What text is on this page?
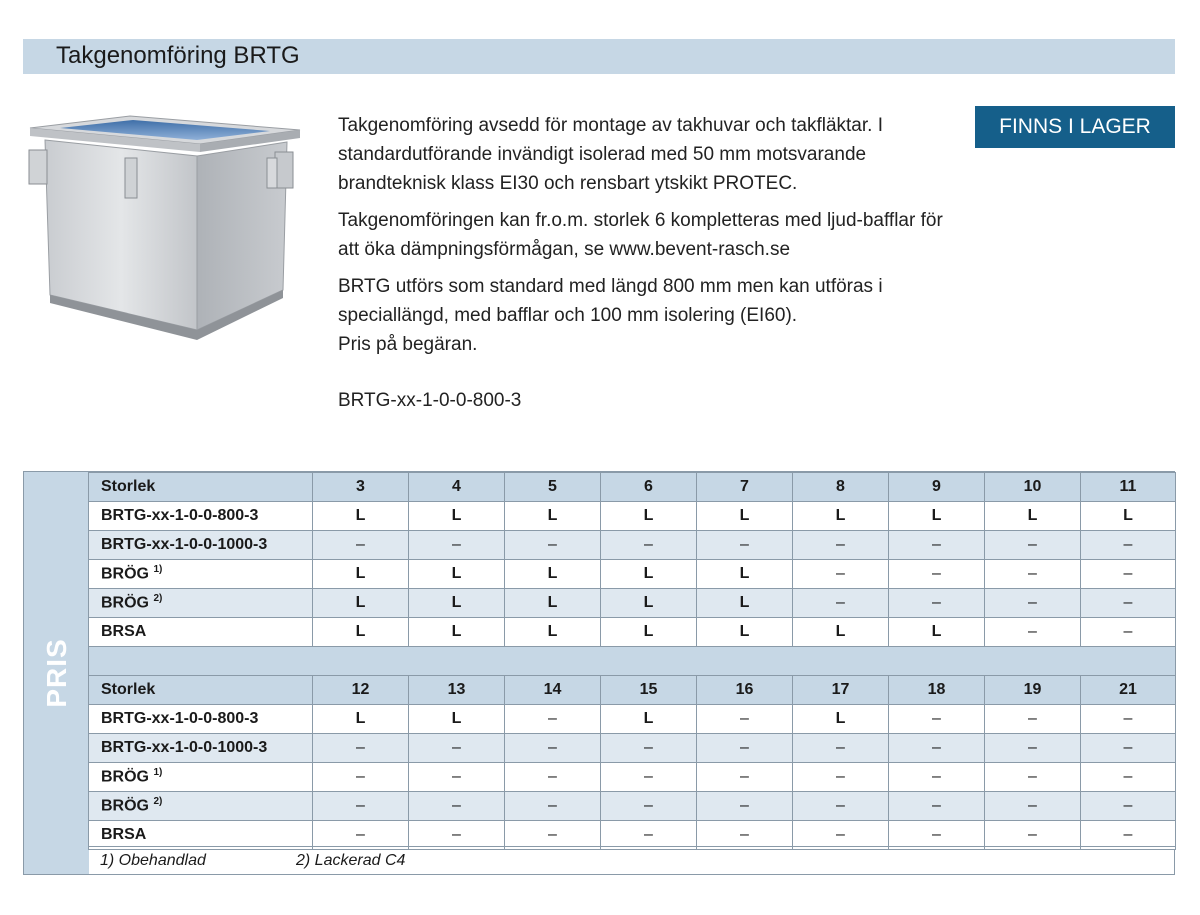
Takgenomföring BRTG

Takgenomföring avsedd för montage av takhuvar och takfläktar. I standardutförande invändigt isolerad med 50 mm motsvarande brandteknisk klass EI30 och rensbart ytskikt PROTEC.

Takgenomföringen kan fr.o.m. storlek 6 kompletteras med ljud-bafflar för att öka dämpningsförmågan, se www.bevent-rasch.se

BRTG utförs som standard med längd 800 mm men kan utföras i speciallängd, med bafflar och 100 mm isolering (EI60).

Pris på begäran.

BRTG-xx-1-0-0-800-3

FINNS I LAGER
PRIS
Storlek	3	4	5	6	7	8	9	10	11
BRTG-xx-1-0-0-800-3	L	L	L	L	L	L	L	L	L
BRTG-xx-1-0-0-1000-3	–	–	–	–	–	–	–	–	–
BRÖG $^{1)}$	L	L	L	L	L	–	–	–	–
BRÖG $^{2)}$	L	L	L	L	L	–	–	–	–
BRSA	L	L	L	L	L	L	L	–	–

Storlek	12	13	14	15	16	17	18	19	21
BRTG-xx-1-0-0-800-3	L	L	–	L	–	L	–	–	–
BRTG-xx-1-0-0-1000-3	–	–	–	–	–	–	–	–	–
BRÖG $^{1)}$	–	–	–	–	–	–	–	–	–
BRÖG $^{2)}$	–	–	–	–	–	–	–	–	–
BRSA	–	–	–	–	–	–	–	–	–
1) Obehandlad	2) Lackerad C4
